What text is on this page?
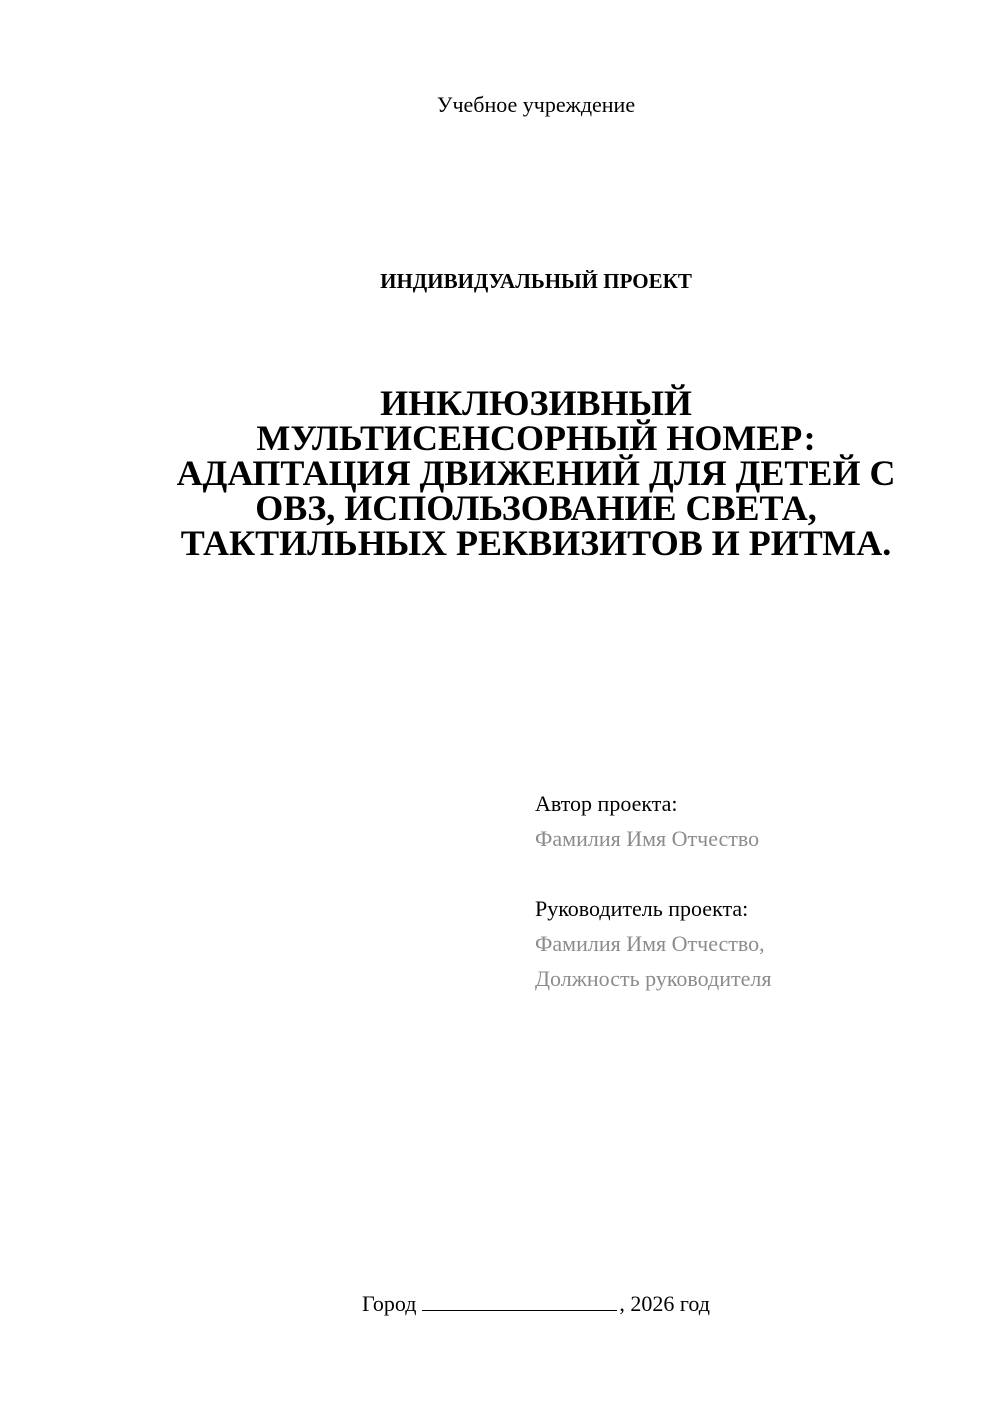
Учебное учреждение
ИНДИВИДУАЛЬНЫЙ ПРОЕКТ
ИНКЛЮЗИВНЫЙ
МУЛЬТИСЕНСОРНЫЙ НОМЕР:
АДАПТАЦИЯ ДВИЖЕНИЙ ДЛЯ ДЕТЕЙ С
ОВЗ, ИСПОЛЬЗОВАНИЕ СВЕТА,
ТАКТИЛЬНЫХ РЕКВИЗИТОВ И РИТМА.
Автор проекта:
Фамилия Имя Отчество
Руководитель проекта:
Фамилия Имя Отчество,
Должность руководителя
Город	, 2026 год
